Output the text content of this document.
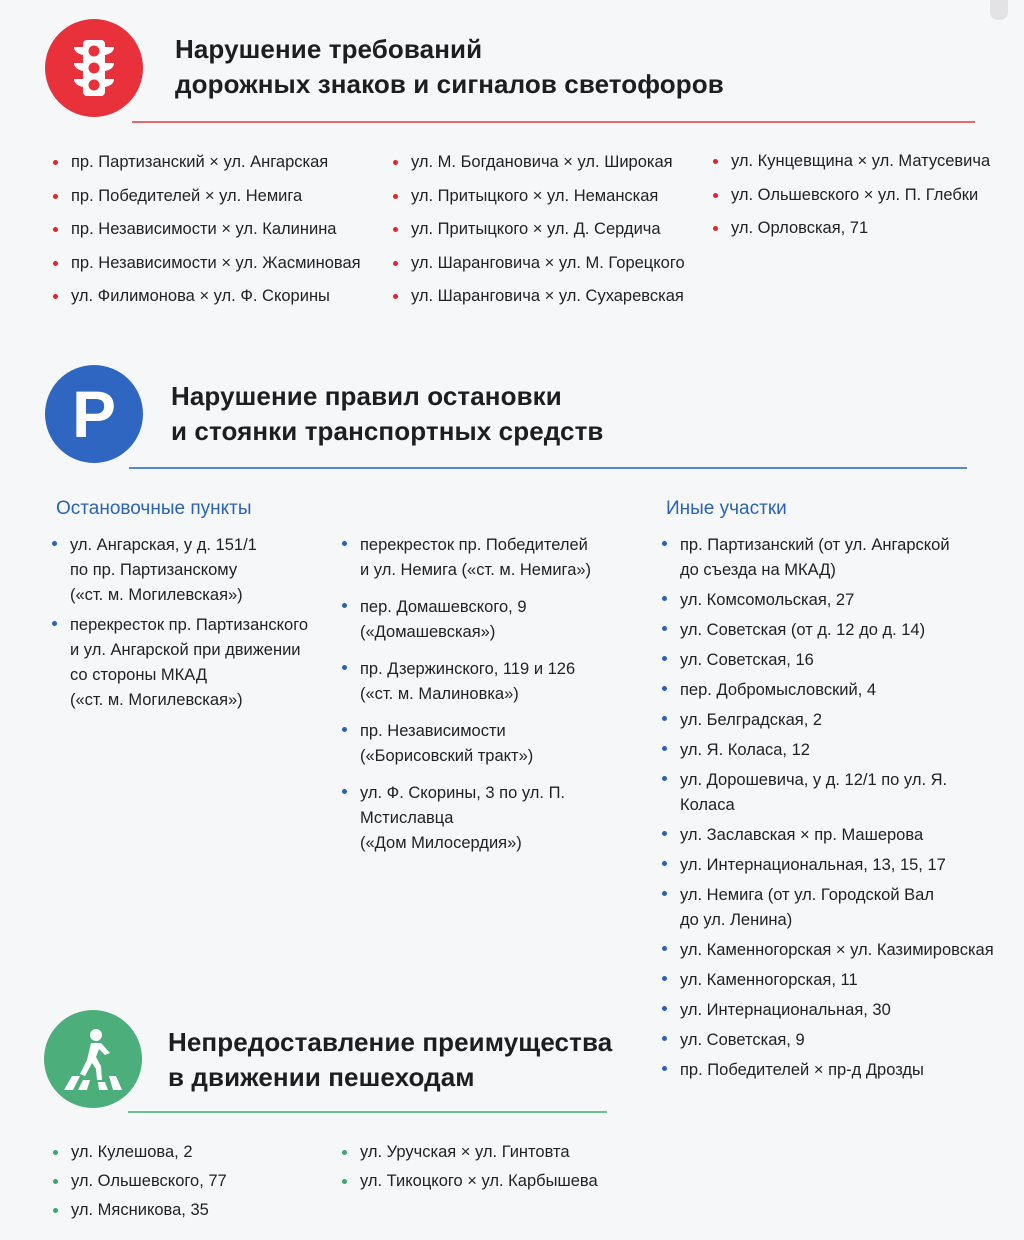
Нарушение требований
дорожных знаков и сигналов светофоров
пр. Партизанский × ул. Ангарская
пр. Победителей × ул. Немига
пр. Независимости × ул. Калинина
пр. Независимости × ул. Жасминовая
ул. Филимонова × ул. Ф. Скорины
ул. М. Богдановича × ул. Широкая
ул. Притыцкого × ул. Неманская
ул. Притыцкого × ул. Д. Сердича
ул. Шаранговича × ул. М. Горецкого
ул. Шаранговича × ул. Сухаревская
ул. Кунцевщина × ул. Матусевича
ул. Ольшевского × ул. П. Глебки
ул. Орловская, 71
P Нарушение правил остановки
и стоянки транспортных средств
Остановочные пункты	Иные участки
ул. Ангарская, у д. 151/1
по пр. Партизанскому
(«ст. м. Могилевская»)
перекресток пр. Партизанского
и ул. Ангарской при движении
со стороны МКАД
(«ст. м. Могилевская»)
перекресток пр. Победителей
и ул. Немига («ст. м. Немига»)
пер. Домашевского, 9
(«Домашевская»)
пр. Дзержинского, 119 и 126
(«ст. м. Малиновка»)
пр. Независимости
(«Борисовский тракт»)
ул. Ф. Скорины, 3 по ул. П. Мстиславца
(«Дом Милосердия»)
пр. Партизанский (от ул. Ангарской
до съезда на МКАД)
ул. Комсомольская, 27
ул. Советская (от д. 12 до д. 14)
ул. Советская, 16
пер. Добромысловский, 4
ул. Белградская, 2
ул. Я. Коласа, 12
ул. Дорошевича, у д. 12/1 по ул. Я. Коласа
ул. Заславская × пр. Машерова
ул. Интернациональная, 13, 15, 17
ул. Немига (от ул. Городской Вал
до ул. Ленина)
ул. Каменногорская × ул. Казимировская
ул. Каменногорская, 11
ул. Интернациональная, 30
ул. Советская, 9
пр. Победителей × пр-д Дрозды
Непредоставление преимущества
в движении пешеходам
ул. Кулешова, 2
ул. Ольшевского, 77
ул. Мясникова, 35
ул. Уручская × ул. Гинтовта
ул. Тикоцкого × ул. Карбышева
